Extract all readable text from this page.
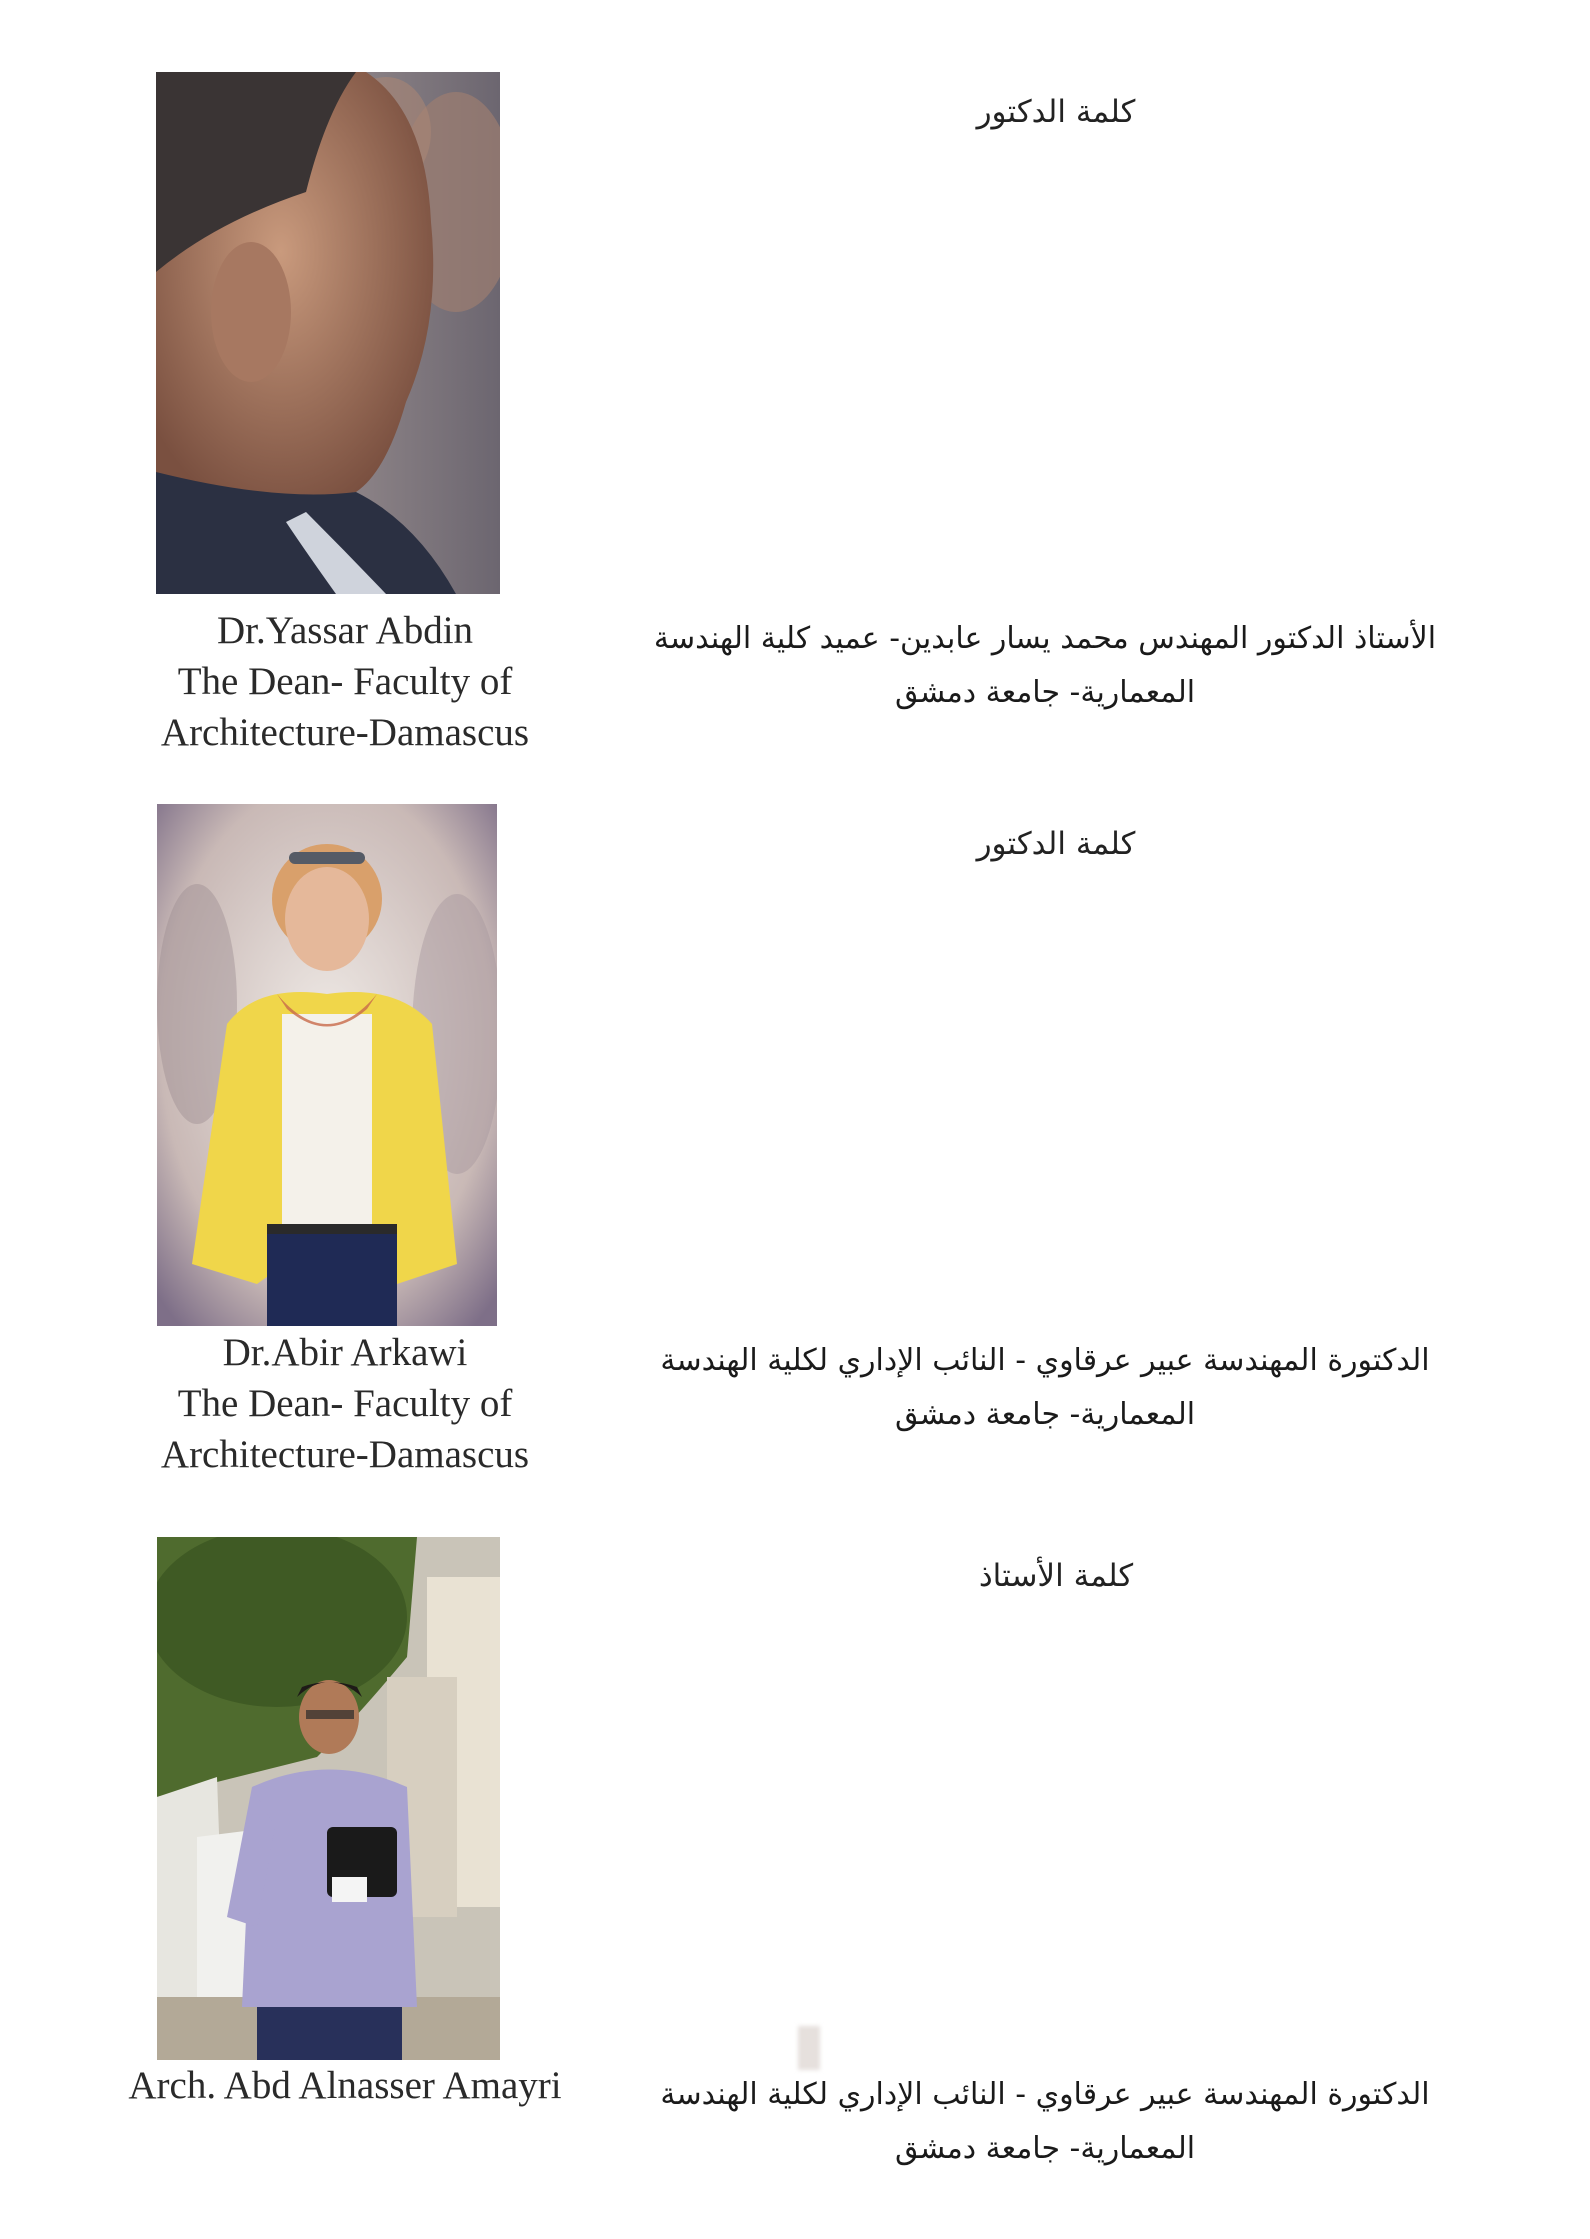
كلمة الدكتور
Dr.Yassar Abdin
The Dean- Faculty of
Architecture-Damascus
الأستاذ الدكتور المهندس محمد يسار عابدين- عميد كلية الهندسة
المعمارية- جامعة دمشق
كلمة الدكتور
Dr.Abir Arkawi
The Dean- Faculty of
Architecture-Damascus
الدكتورة المهندسة عبير عرقاوي - النائب الإداري لكلية الهندسة
المعمارية- جامعة دمشق
كلمة الأستاذ
Arch. Abd Alnasser Amayri	الدكتورة المهندسة عبير عرقاوي - النائب الإداري لكلية الهندسة
المعمارية- جامعة دمشق
